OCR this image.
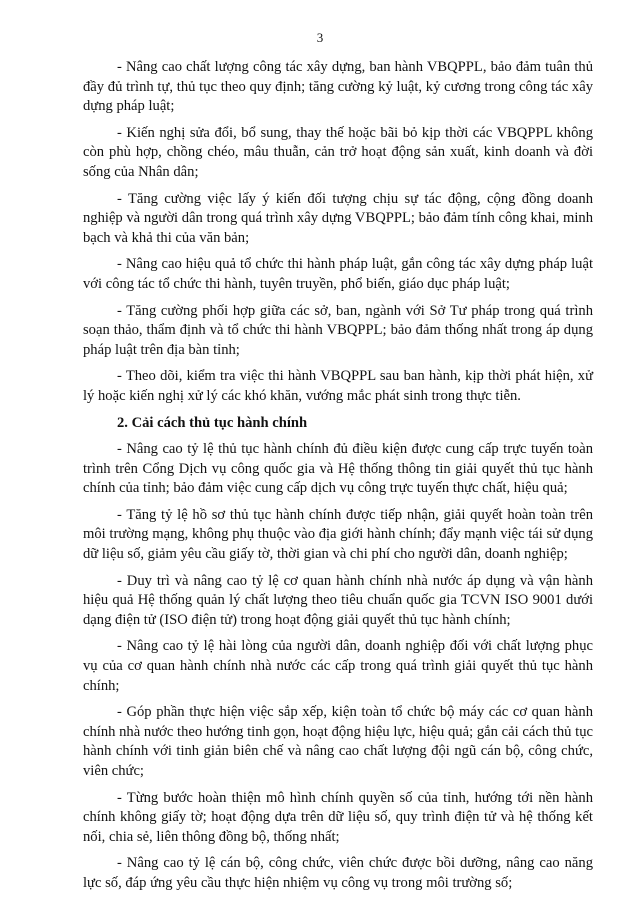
3

- Nâng cao chất lượng công tác xây dựng, ban hành VBQPPL, bảo đảm tuân thủ đầy đủ trình tự, thủ tục theo quy định; tăng cường kỷ luật, kỷ cương trong công tác xây dựng pháp luật;

- Kiến nghị sửa đổi, bổ sung, thay thế hoặc bãi bỏ kịp thời các VBQPPL không còn phù hợp, chồng chéo, mâu thuẫn, cản trở hoạt động sản xuất, kinh doanh và đời sống của Nhân dân;

- Tăng cường việc lấy ý kiến đối tượng chịu sự tác động, cộng đồng doanh nghiệp và người dân trong quá trình xây dựng VBQPPL; bảo đảm tính công khai, minh bạch và khả thi của văn bản;

- Nâng cao hiệu quả tổ chức thi hành pháp luật, gắn công tác xây dựng pháp luật với công tác tổ chức thi hành, tuyên truyền, phổ biến, giáo dục pháp luật;

- Tăng cường phối hợp giữa các sở, ban, ngành với Sở Tư pháp trong quá trình soạn thảo, thẩm định và tổ chức thi hành VBQPPL; bảo đảm thống nhất trong áp dụng pháp luật trên địa bàn tỉnh;

- Theo dõi, kiểm tra việc thi hành VBQPPL sau ban hành, kịp thời phát hiện, xử lý hoặc kiến nghị xử lý các khó khăn, vướng mắc phát sinh trong thực tiễn.

2. Cải cách thủ tục hành chính

- Nâng cao tỷ lệ thủ tục hành chính đủ điều kiện được cung cấp trực tuyến toàn trình trên Cổng Dịch vụ công quốc gia và Hệ thống thông tin giải quyết thủ tục hành chính của tỉnh; bảo đảm việc cung cấp dịch vụ công trực tuyến thực chất, hiệu quả;

- Tăng tỷ lệ hồ sơ thủ tục hành chính được tiếp nhận, giải quyết hoàn toàn trên môi trường mạng, không phụ thuộc vào địa giới hành chính; đẩy mạnh việc tái sử dụng dữ liệu số, giảm yêu cầu giấy tờ, thời gian và chi phí cho người dân, doanh nghiệp;

- Duy trì và nâng cao tỷ lệ cơ quan hành chính nhà nước áp dụng và vận hành hiệu quả Hệ thống quản lý chất lượng theo tiêu chuẩn quốc gia TCVN ISO 9001 dưới dạng điện tử (ISO điện tử) trong hoạt động giải quyết thủ tục hành chính;

- Nâng cao tỷ lệ hài lòng của người dân, doanh nghiệp đối với chất lượng phục vụ của cơ quan hành chính nhà nước các cấp trong quá trình giải quyết thủ tục hành chính;

- Góp phần thực hiện việc sắp xếp, kiện toàn tổ chức bộ máy các cơ quan hành chính nhà nước theo hướng tinh gọn, hoạt động hiệu lực, hiệu quả; gắn cải cách thủ tục hành chính với tinh giản biên chế và nâng cao chất lượng đội ngũ cán bộ, công chức, viên chức;

- Từng bước hoàn thiện mô hình chính quyền số của tỉnh, hướng tới nền hành chính không giấy tờ; hoạt động dựa trên dữ liệu số, quy trình điện tử và hệ thống kết nối, chia sẻ, liên thông đồng bộ, thống nhất;

- Nâng cao tỷ lệ cán bộ, công chức, viên chức được bồi dưỡng, nâng cao năng lực số, đáp ứng yêu cầu thực hiện nhiệm vụ công vụ trong môi trường số;
